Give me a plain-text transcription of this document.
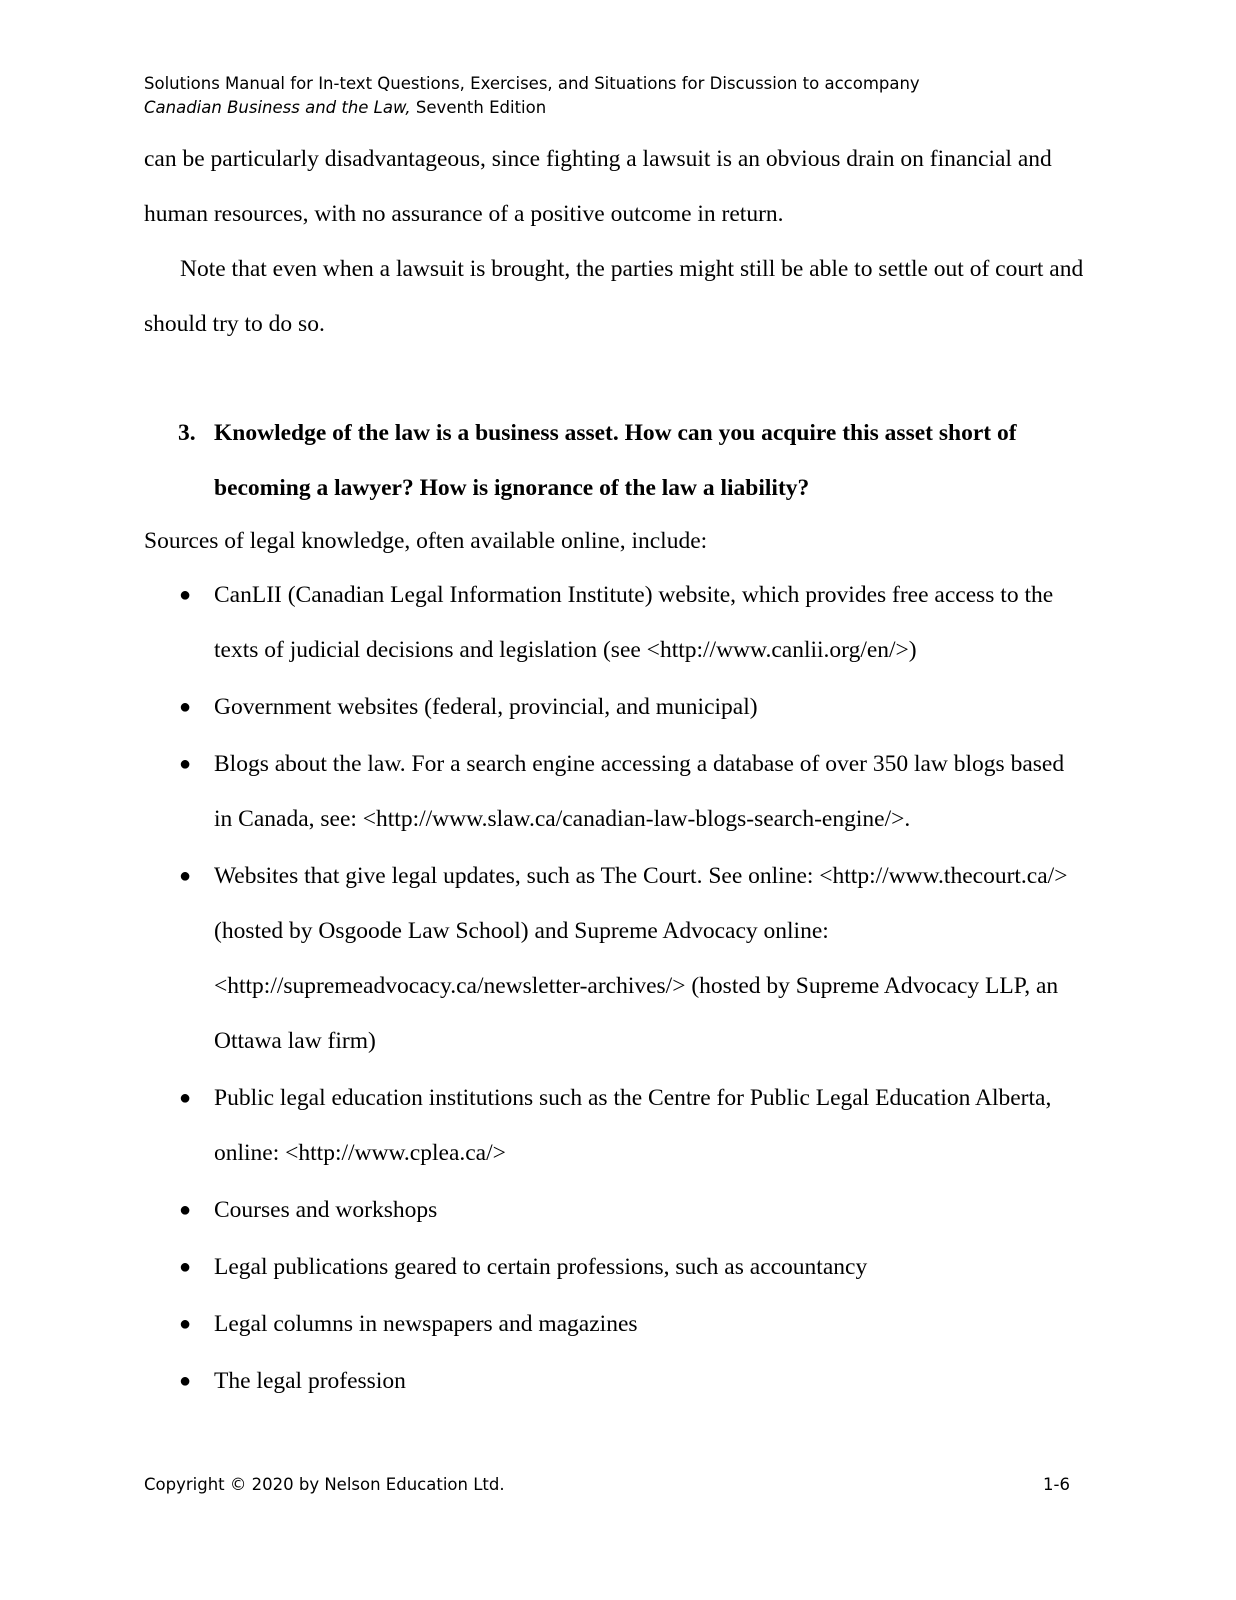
Solutions Manual for In-text Questions, Exercises, and Situations for Discussion to accompany
Canadian Business and the Law, Seventh Edition

can be particularly disadvantageous, since fighting a lawsuit is an obvious drain on financial and human resources, with no assurance of a positive outcome in return.

Note that even when a lawsuit is brought, the parties might still be able to settle out of court and should try to do so.

3. Knowledge of the law is a business asset. How can you acquire this asset short of becoming a lawyer? How is ignorance of the law a liability?

Sources of legal knowledge, often available online, include:

● CanLII (Canadian Legal Information Institute) website, which provides free access to the texts of judicial decisions and legislation (see <http://www.canlii.org/en/>)
● Government websites (federal, provincial, and municipal)
● Blogs about the law. For a search engine accessing a database of over 350 law blogs based in Canada, see: <http://www.slaw.ca/canadian-law-blogs-search-engine/>.
● Websites that give legal updates, such as The Court. See online: <http://www.thecourt.ca/> (hosted by Osgoode Law School) and Supreme Advocacy online: <http://supremeadvocacy.ca/newsletter-archives/> (hosted by Supreme Advocacy LLP, an Ottawa law firm)
● Public legal education institutions such as the Centre for Public Legal Education Alberta, online: <http://www.cplea.ca/>
● Courses and workshops
● Legal publications geared to certain professions, such as accountancy
● Legal columns in newspapers and magazines
● The legal profession
Copyright © 2020 by Nelson Education Ltd.	1-6
